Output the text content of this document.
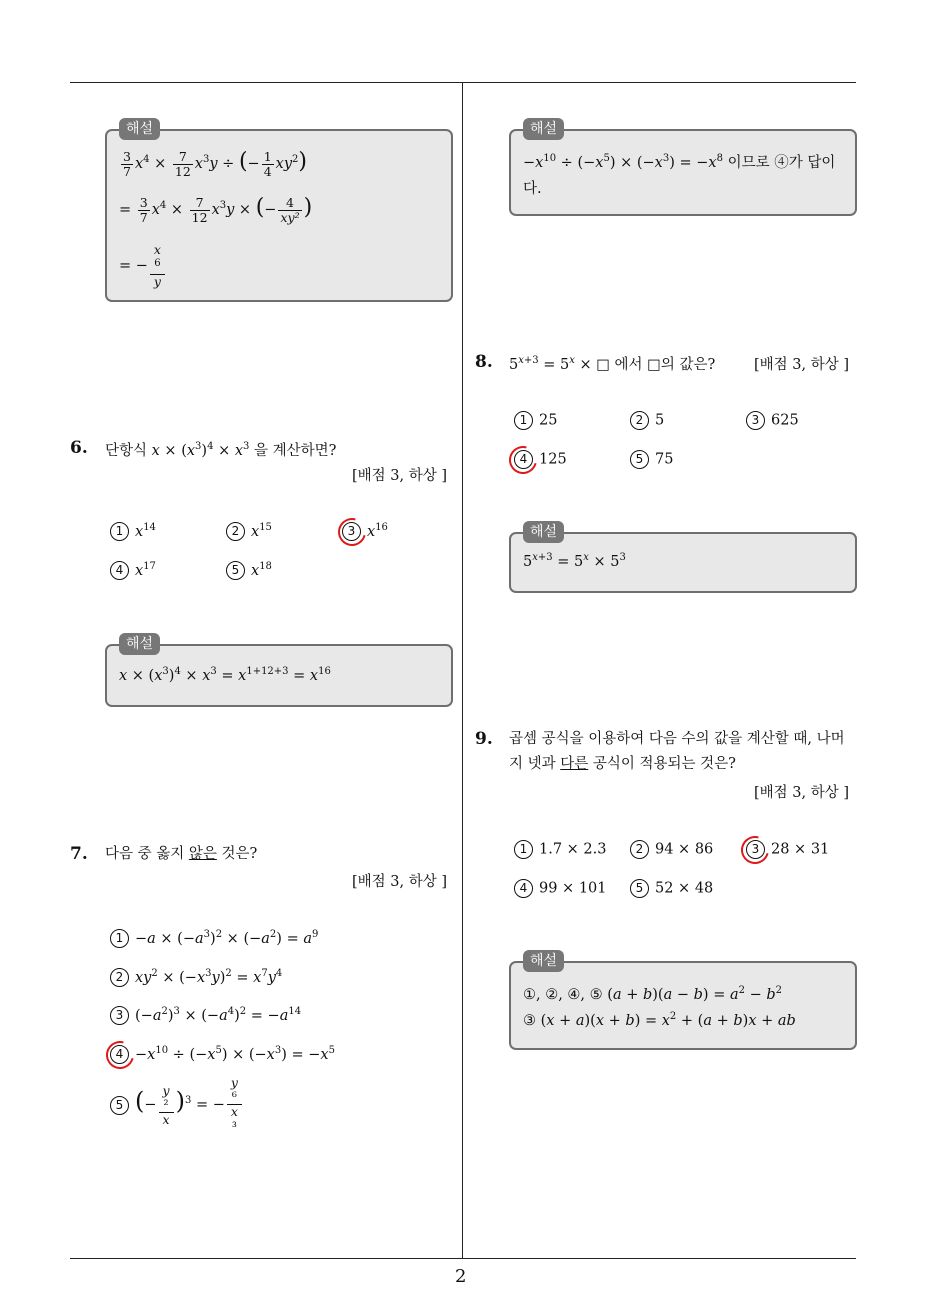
2
해설
$\frac{3}{7} x^4 \times \frac{7}{12} x^3y$ ÷ (− $\frac{1}{4} xy^2$)
= $\frac{3}{7} x^4 \times \frac{7}{12} x^3y$ × (− $\frac{4}{\text{xy²}}$ )
= − x
$^6$
y
6. 단항식 $x \times (x^3)^4 \times x^3$ 을 계산하면?
[배점 3, 하상 ]
1 $x^{14}$	2 $x^{15}$	3 $x^{16}$
4 $x^{17}$	5 $x^{18}$
해설
$x \times (x^3)^4 \times x^3 = x^{1+12+3} = x^{16}$
7. 다음 중 옳지 않은 것은?
[배점 3, 하상 ]
$1 -a \times (-a^3)^2 \times (-a^2) = a^9$
2 $xy^2 \times (-x^3y)^2 = x^7y^4$
3 $(-a^2)^3 \times (-a^4)^2 = -a^{14}$
$4 -x^{10} \div (-x^5) \times (-x^3) = -x^5$
5 (− y
²
x )$^3$ = −
y
⁶
x
³
해설
$-x^{10} \div (-x^5) \times (-x^3) = -x^8$ 이므로 ④가 답이
다.
8. $5^{x+3} = 5^x$ × □ 에서 □의 값은?	[배점 3, 하상 ]
1 25	2 5	3 625
4 125	5 75
해설
$5^{x+3} = 5^x \times 5^3$
9. 곱셈 공식을 이용하여 다음 수의 값을 계산할 때, 나머
지 넷과 다른 공식이 적용되는 것은?
[배점 3, 하상 ]
1 1.7 × 2.3	2 94 × 86	3 28 × 31
4 99 × 101	5 52 × 48
해설
①, ②, ④, ⑤ $(a + b)(a - b) = a^2 - b^2$
③ $(x + a)(x + b) = x^2 + (a + b)x$ + ab
